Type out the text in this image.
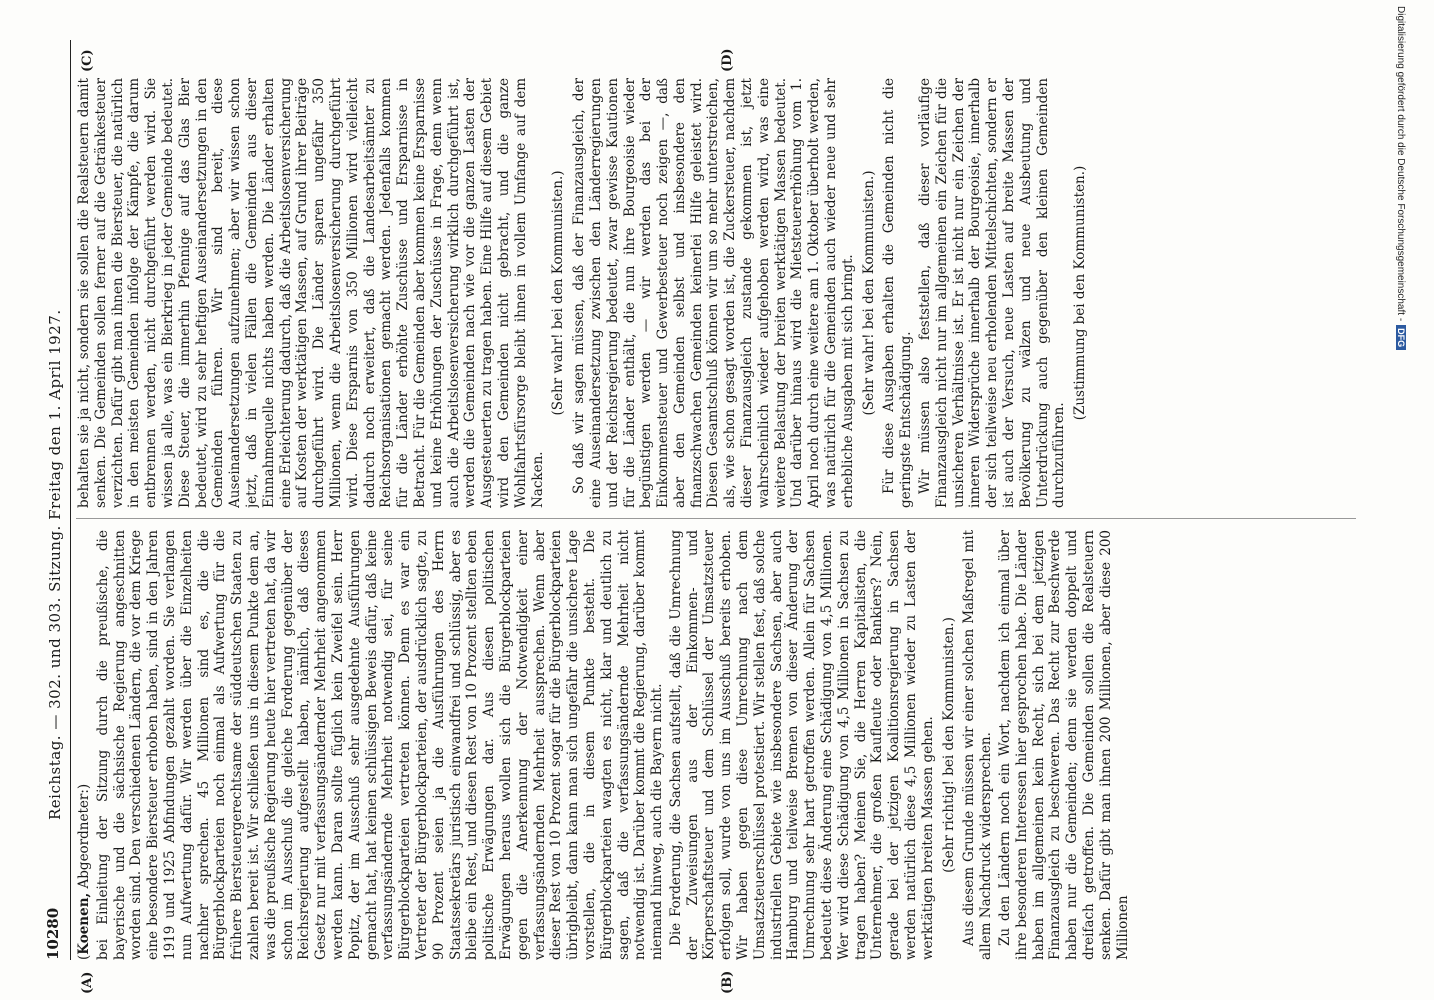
10280
Reichstag. — 302. und 303. Sitzung. Freitag den 1. April 1927.

(Koenen, Abgeordneter:) bei Einleitung der Sitzung durch die preußische, die bayerische und die sächsische Regierung angeschnitten worden sind. Den verschiedenen Ländern, die vor dem Kriege eine besondere Biersteuer erhoben haben, sind in den Jahren 1919 und 1925 Abfindungen gezahlt worden. Sie verlangen nun Aufwertung dafür. Wir werden über die Einzelheiten nachher sprechen. 45 Millionen sind es, die die Bürgerblockparteien noch einmal als Aufwertung für die frühere Biersteuergerechtsame der süddeutschen Staaten zu zahlen bereit ist. Wir schließen uns in diesem Punkte dem an, was die preußische Regierung heute hier vertreten hat, da wir schon im Ausschuß die gleiche Forderung gegenüber der Reichsregierung aufgestellt haben, nämlich, daß dieses Gesetz nur mit verfassungsändernder Mehrheit angenommen werden kann. Daran sollte füglich kein Zweifel sein. Herr Popitz, der im Ausschuß sehr ausgedehnte Ausführungen gemacht hat, hat keinen schlüssigen Beweis dafür, daß keine verfassungsändernde Mehrheit notwendig sei, für seine Bürgerblockparteien vertreten können. Denn es war ein Vertreter der Bürgerblockparteien, der ausdrücklich sagte, zu 90 Prozent seien ja die Ausführungen des Herrn Staatssekretärs juristisch einwandfrei und schlüssig, aber es bleibe ein Rest, und diesen Rest von 10 Prozent stellten eben politische Erwägungen dar. Aus diesen politischen Erwägungen heraus wollen sich die Bürgerblockparteien gegen die Anerkennung der Notwendigkeit einer verfassungsändernden Mehrheit aussprechen. Wenn aber dieser Rest von 10 Prozent sogar für die Bürgerblockparteien übrigbleibt, dann kann man sich ungefähr die unsichere Lage vorstellen, die in diesem Punkte besteht. Die Bürgerblockparteien wagten es nicht, klar und deutlich zu sagen, daß die verfassungsändernde Mehrheit nicht notwendig ist. Darüber kommt die Regierung, darüber kommt niemand hinweg, auch die Bayern nicht. Die Forderung, die Sachsen aufstellt, daß die Umrechnung der Zuweisungen aus der Einkommen- und Körperschaftsteuer und dem Schlüssel der Umsatzsteuer erfolgen soll, wurde von uns im Ausschuß bereits erhoben. Wir haben gegen diese Umrechnung nach dem Umsatzsteuerschlüssel protestiert. Wir stellen fest, daß solche industriellen Gebiete wie insbesondere Sachsen, aber auch Hamburg und teilweise Bremen von dieser Änderung der Umrechnung sehr hart getroffen werden. Allein für Sachsen bedeutet diese Änderung eine Schädigung von 4,5 Millionen. Wer wird diese Schädigung von 4,5 Millionen in Sachsen zu tragen haben? Meinen Sie, die Herren Kapitalisten, die Unternehmer, die großen Kaufleute oder Bankiers? Nein, gerade bei der jetzigen Koalitionsregierung in Sachsen werden natürlich diese 4,5 Millionen wieder zu Lasten der werktätigen breiten Massen gehen. (Sehr richtig! bei den Kommunisten.) Aus diesem Grunde müssen wir einer solchen Maßregel mit allem Nachdruck widersprechen. Zu den Ländern noch ein Wort, nachdem ich einmal über ihre besonderen Interessen hier gesprochen habe. Die Länder haben im allgemeinen kein Recht, sich bei dem jetzigen Finanzausgleich zu beschweren. Das Recht zur Beschwerde haben nur die Gemeinden; denn sie werden doppelt und dreifach getroffen. Die Gemeinden sollen die Realsteuern senken. Dafür gibt man ihnen 200 Millionen, aber diese 200 Millionen

behalten sie ja nicht, sondern sie sollen die Realsteuern damit senken. Die Gemeinden sollen ferner auf die Getränkesteuer verzichten. Dafür gibt man ihnen die Biersteuer, die natürlich in den meisten Gemeinden infolge der Kämpfe, die darum entbrennen werden, nicht durchgeführt werden wird. Sie wissen ja alle, was ein Bierkrieg in jeder Gemeinde bedeutet. Diese Steuer, die immerhin Pfennige auf das Glas Bier bedeutet, wird zu sehr heftigen Auseinandersetzungen in den Gemeinden führen. Wir sind bereit, diese Auseinandersetzungen aufzunehmen; aber wir wissen schon jetzt, daß in vielen Fällen die Gemeinden aus dieser Einnahmequelle nichts haben werden. Die Länder erhalten eine Erleichterung dadurch, daß die Arbeitslosenversicherung auf Kosten der werktätigen Massen, auf Grund ihrer Beiträge durchgeführt wird. Die Länder sparen ungefähr 350 Millionen, wenn die Arbeitslosenversicherung durchgeführt wird. Diese Ersparnis von 350 Millionen wird vielleicht dadurch noch erweitert, daß die Landesarbeitsämter zu Reichsorganisationen gemacht werden. Jedenfalls kommen für die Länder erhöhte Zuschüsse und Ersparnisse in Betracht. Für die Gemeinden aber kommen keine Ersparnisse und keine Erhöhungen der Zuschüsse in Frage, denn wenn auch die Arbeitslosenversicherung wirklich durchgeführt ist, werden die Gemeinden nach wie vor die ganzen Lasten der Ausgesteuerten zu tragen haben. Eine Hilfe auf diesem Gebiet wird den Gemeinden nicht gebracht, und die ganze Wohlfahrtsfürsorge bleibt ihnen in vollem Umfange auf dem Nacken.

(Sehr wahr! bei den Kommunisten.) So daß wir sagen müssen, daß der Finanzausgleich, der eine Auseinandersetzung zwischen den Länderregierungen und der Reichsregierung bedeutet, zwar gewisse Kautionen für die Länder enthält, die nun ihre Bourgeoisie wieder begünstigen werden — wir werden das bei der Einkommensteuer und Gewerbesteuer noch zeigen —, daß aber den Gemeinden selbst und insbesondere den finanzschwachen Gemeinden keinerlei Hilfe geleistet wird. Diesen Gesamtschluß können wir um so mehr unterstreichen, als, wie schon gesagt worden ist, die Zuckersteuer, nachdem dieser Finanzausgleich zustande gekommen ist, jetzt wahrscheinlich wieder aufgehoben werden wird, was eine weitere Belastung der breiten werktätigen Massen bedeutet. Und darüber hinaus wird die Mietsteuererhöhung vom 1. April noch durch eine weitere am 1. Oktober überholt werden, was natürlich für die Gemeinden auch wieder neue und sehr erhebliche Ausgaben mit sich bringt. (Sehr wahr! bei den Kommunisten.) Für diese Ausgaben erhalten die Gemeinden nicht die geringste Entschädigung. Wir müssen also feststellen, daß dieser vorläufige Finanzausgleich nicht nur im allgemeinen ein Zeichen für die unsicheren Verhältnisse ist. Er ist nicht nur ein Zeichen der inneren Widersprüche innerhalb der Bourgeoisie, innerhalb der sich teilweise neu erholenden Mittelschichten, sondern er ist auch der Versuch, neue Lasten auf breite Massen der Bevölkerung zu wälzen und neue Ausbeutung und Unterdrückung auch gegenüber den kleinen Gemeinden durchzuführen.

(Zustimmung bei den Kommunisten.)

(A)	(B)
(C)	(D)	Digitalisierung gefördert durch die Deutsche Forschungsgemeinschaft -DFG
